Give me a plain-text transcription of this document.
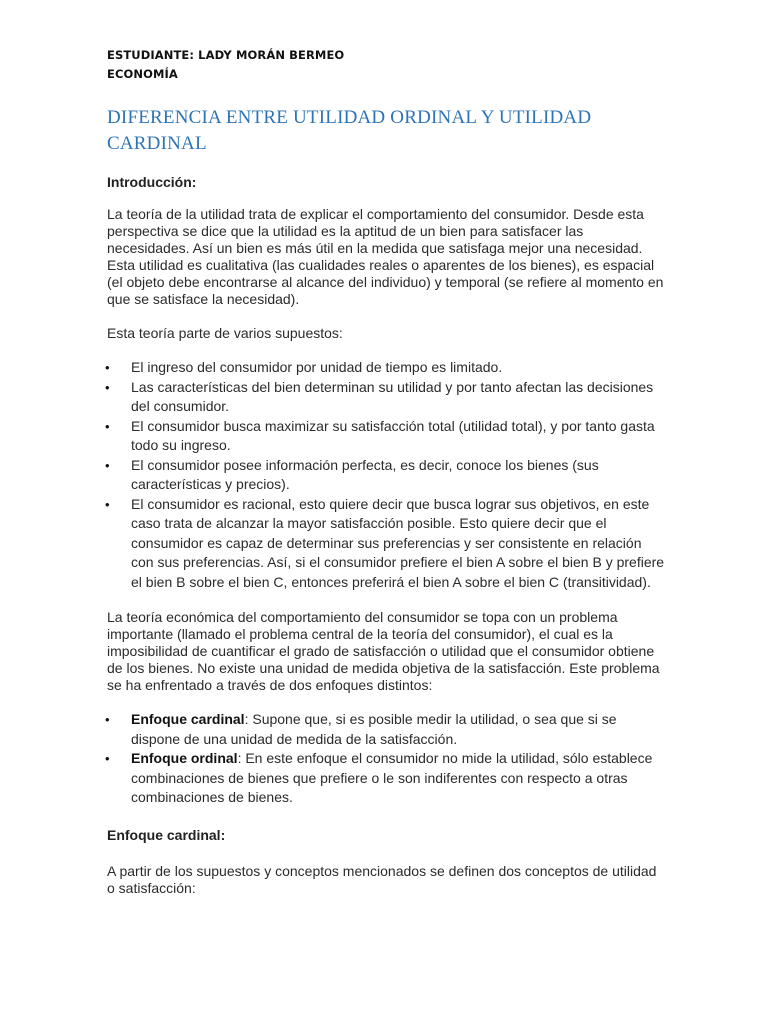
ESTUDIANTE: LADY MORÁN BERMEO
ECONOMÍA
DIFERENCIA ENTRE UTILIDAD ORDINAL Y UTILIDAD
CARDINAL
Introducción:
La teoría de la utilidad trata de explicar el comportamiento del consumidor. Desde esta perspectiva se dice que la utilidad es la aptitud de un bien para satisfacer las necesidades. Así un bien es más útil en la medida que satisfaga mejor una necesidad. Esta utilidad es cualitativa (las cualidades reales o aparentes de los bienes), es espacial (el objeto debe encontrarse al alcance del individuo) y temporal (se refiere al momento en que se satisface la necesidad).
Esta teoría parte de varios supuestos:
• El ingreso del consumidor por unidad de tiempo es limitado.
• Las características del bien determinan su utilidad y por tanto afectan las decisiones del consumidor.
• El consumidor busca maximizar su satisfacción total (utilidad total), y por tanto gasta todo su ingreso.
• El consumidor posee información perfecta, es decir, conoce los bienes (sus características y precios).
• El consumidor es racional, esto quiere decir que busca lograr sus objetivos, en este caso trata de alcanzar la mayor satisfacción posible. Esto quiere decir que el consumidor es capaz de determinar sus preferencias y ser consistente en relación con sus preferencias. Así, si el consumidor prefiere el bien A sobre el bien B y prefiere el bien B sobre el bien C, entonces preferirá el bien A sobre el bien C (transitividad).
La teoría económica del comportamiento del consumidor se topa con un problema importante (llamado el problema central de la teoría del consumidor), el cual es la imposibilidad de cuantificar el grado de satisfacción o utilidad que el consumidor obtiene de los bienes. No existe una unidad de medida objetiva de la satisfacción. Este problema se ha enfrentado a través de dos enfoques distintos:
• Enfoque cardinal: Supone que, si es posible medir la utilidad, o sea que si se dispone de una unidad de medida de la satisfacción.
• Enfoque ordinal: En este enfoque el consumidor no mide la utilidad, sólo establece combinaciones de bienes que prefiere o le son indiferentes con respecto a otras combinaciones de bienes.
Enfoque cardinal:
A partir de los supuestos y conceptos mencionados se definen dos conceptos de utilidad o satisfacción:
